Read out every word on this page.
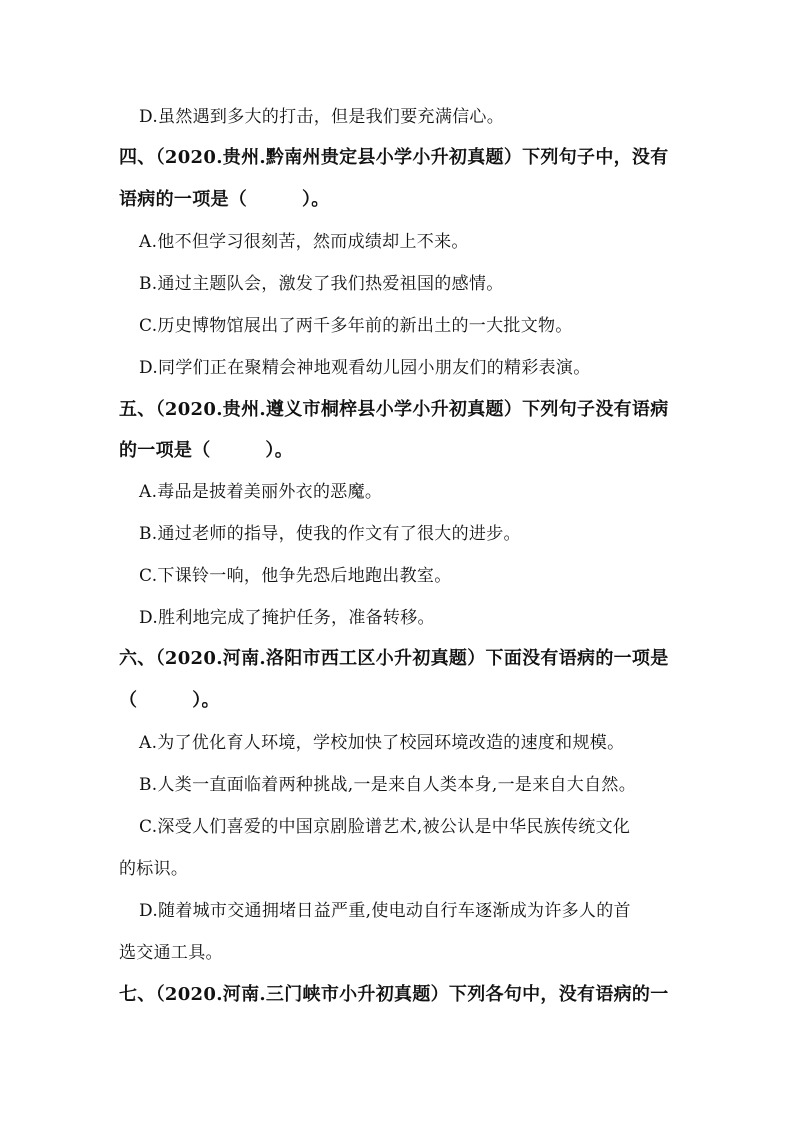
D.虽然遇到多大的打击，但是我们要充满信心。
四、（2020.贵州.黔南州贵定县小学小升初真题）下列句子中，没有
语病的一项是（　　　）。
A.他不但学习很刻苦，然而成绩却上不来。
B.通过主题队会，激发了我们热爱祖国的感情。
C.历史博物馆展出了两千多年前的新出土的一大批文物。
D.同学们正在聚精会神地观看幼儿园小朋友们的精彩表演。
五、（2020.贵州.遵义市桐梓县小学小升初真题）下列句子没有语病
的一项是（　　　）。
A.毒品是披着美丽外衣的恶魔。
B.通过老师的指导，使我的作文有了很大的进步。
C.下课铃一响，他争先恐后地跑出教室。
D.胜利地完成了掩护任务，准备转移。
六、（2020.河南.洛阳市西工区小升初真题）下面没有语病的一项是
（　　　）。
A.为了优化育人环境，学校加快了校园环境改造的速度和规模。
B.人类一直面临着两种挑战,一是来自人类本身,一是来自大自然。
C.深受人们喜爱的中国京剧脸谱艺术,被公认是中华民族传统文化
的标识。
D.随着城市交通拥堵日益严重,使电动自行车逐渐成为许多人的首
选交通工具。
七、（2020.河南.三门峡市小升初真题）下列各句中，没有语病的一
